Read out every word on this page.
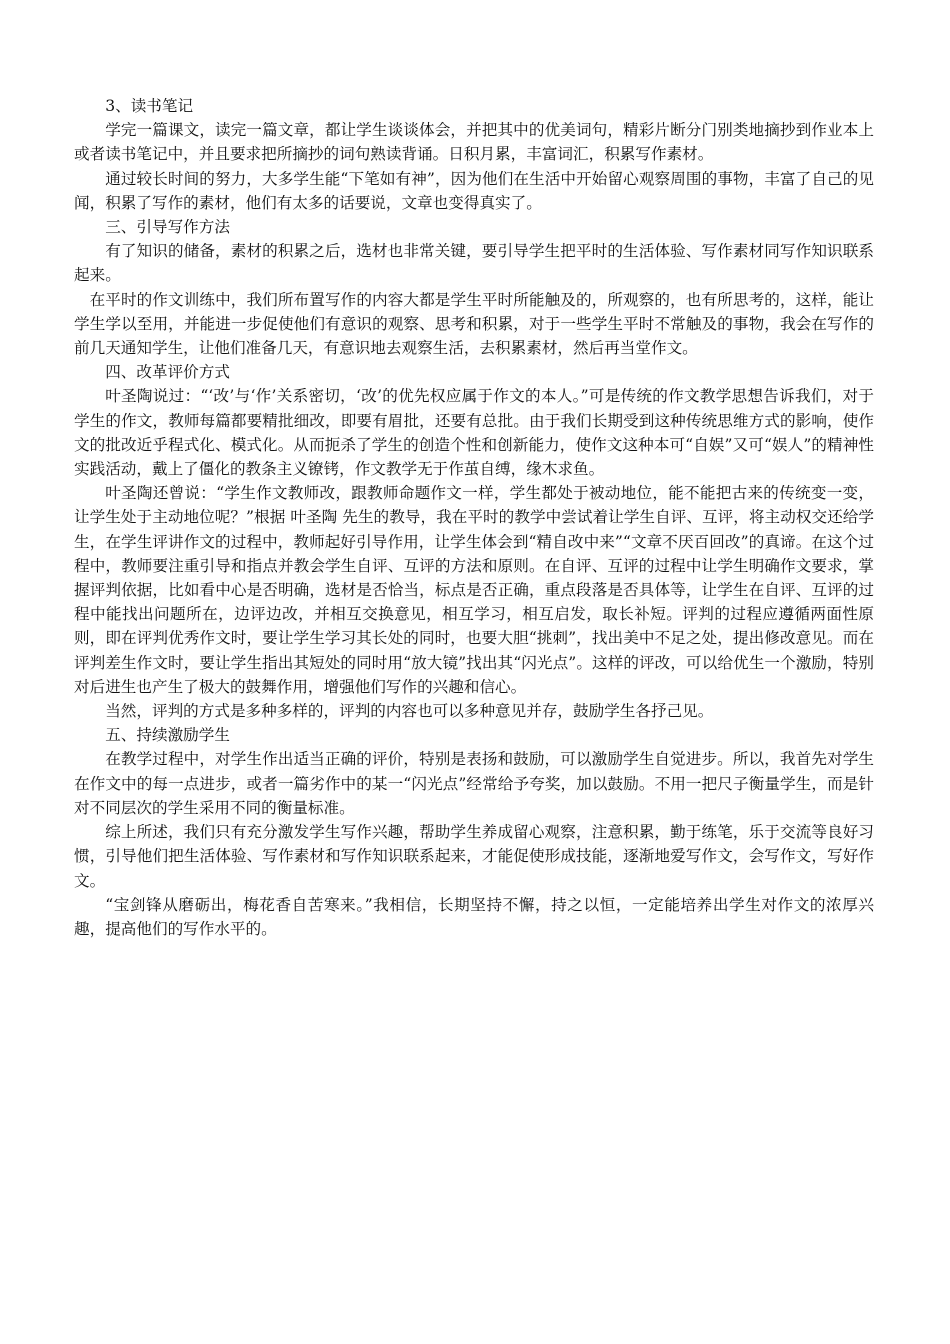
3、读书笔记

学完一篇课文，读完一篇文章，都让学生谈谈体会，并把其中的优美词句，精彩片断分门别类地摘抄到作业本上或者读书笔记中，并且要求把所摘抄的词句熟读背诵。日积月累，丰富词汇，积累写作素材。

通过较长时间的努力，大多学生能“下笔如有神”，因为他们在生活中开始留心观察周围的事物，丰富了自己的见闻，积累了写作的素材，他们有太多的话要说，文章也变得真实了。

三、引导写作方法

有了知识的储备，素材的积累之后，选材也非常关键，要引导学生把平时的生活体验、写作素材同写作知识联系起来。

在平时的作文训练中，我们所布置写作的内容大都是学生平时所能触及的，所观察的，也有所思考的，这样，能让学生学以至用，并能进一步促使他们有意识的观察、思考和积累，对于一些学生平时不常触及的事物，我会在写作的前几天通知学生，让他们准备几天，有意识地去观察生活，去积累素材，然后再当堂作文。

四、改革评价方式

叶圣陶说过：“‘改’与‘作’关系密切，‘改’的优先权应属于作文的本人。”可是传统的作文教学思想告诉我们，对于学生的作文，教师每篇都要精批细改，即要有眉批，还要有总批。由于我们长期受到这种传统思维方式的影响，使作文的批改近乎程式化、模式化。从而扼杀了学生的创造个性和创新能力，使作文这种本可“自娱”又可“娱人”的精神性实践活动，戴上了僵化的教条主义镣铐，作文教学无于作茧自缚，缘木求鱼。

叶圣陶还曾说：“学生作文教师改，跟教师命题作文一样，学生都处于被动地位，能不能把古来的传统变一变，让学生处于主动地位呢？”根据 叶圣陶 先生的教导，我在平时的教学中尝试着让学生自评、互评，将主动权交还给学生，在学生评讲作文的过程中，教师起好引导作用，让学生体会到“精自改中来”“文章不厌百回改”的真谛。在这个过程中，教师要注重引导和指点并教会学生自评、互评的方法和原则。在自评、互评的过程中让学生明确作文要求，掌握评判依据，比如看中心是否明确，选材是否恰当，标点是否正确，重点段落是否具体等，让学生在自评、互评的过程中能找出问题所在，边评边改，并相互交换意见，相互学习，相互启发，取长补短。评判的过程应遵循两面性原则，即在评判优秀作文时，要让学生学习其长处的同时，也要大胆“挑刺”，找出美中不足之处，提出修改意见。而在评判差生作文时，要让学生指出其短处的同时用“放大镜”找出其“闪光点”。这样的评改，可以给优生一个激励，特别对后进生也产生了极大的鼓舞作用，增强他们写作的兴趣和信心。

当然，评判的方式是多种多样的，评判的内容也可以多种意见并存，鼓励学生各抒己见。

五、持续激励学生

在教学过程中，对学生作出适当正确的评价，特别是表扬和鼓励，可以激励学生自觉进步。所以，我首先对学生在作文中的每一点进步，或者一篇劣作中的某一“闪光点”经常给予夸奖，加以鼓励。不用一把尺子衡量学生，而是针对不同层次的学生采用不同的衡量标准。

综上所述，我们只有充分激发学生写作兴趣，帮助学生养成留心观察，注意积累，勤于练笔，乐于交流等良好习惯，引导他们把生活体验、写作素材和写作知识联系起来，才能促使形成技能，逐渐地爱写作文，会写作文，写好作文。

“宝剑锋从磨砺出，梅花香自苦寒来。”我相信，长期坚持不懈，持之以恒，一定能培养出学生对作文的浓厚兴趣，提高他们的写作水平的。
